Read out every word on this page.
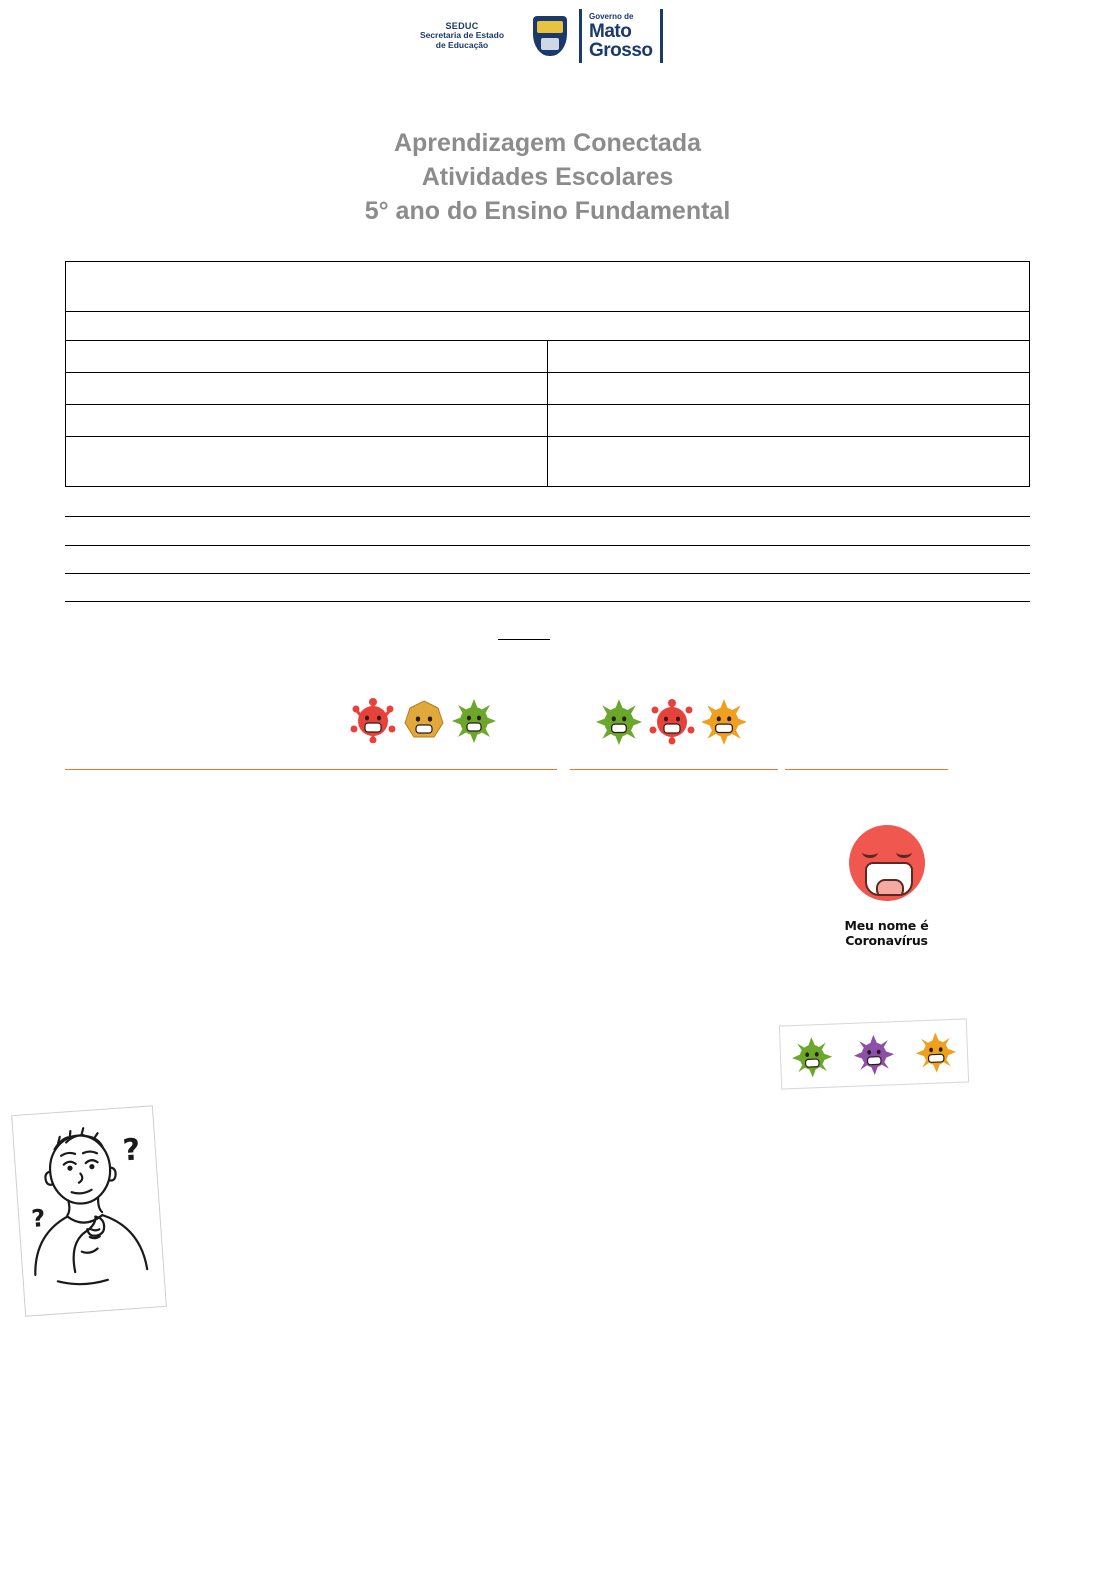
SEDUC
Secretaria de Estado
de Educação
Governo de
Mato
Grosso
Aprendizagem Conectada
Atividades Escolares
5° ano do Ensino Fundamental

Meu nome é Coronavírus
?
?
